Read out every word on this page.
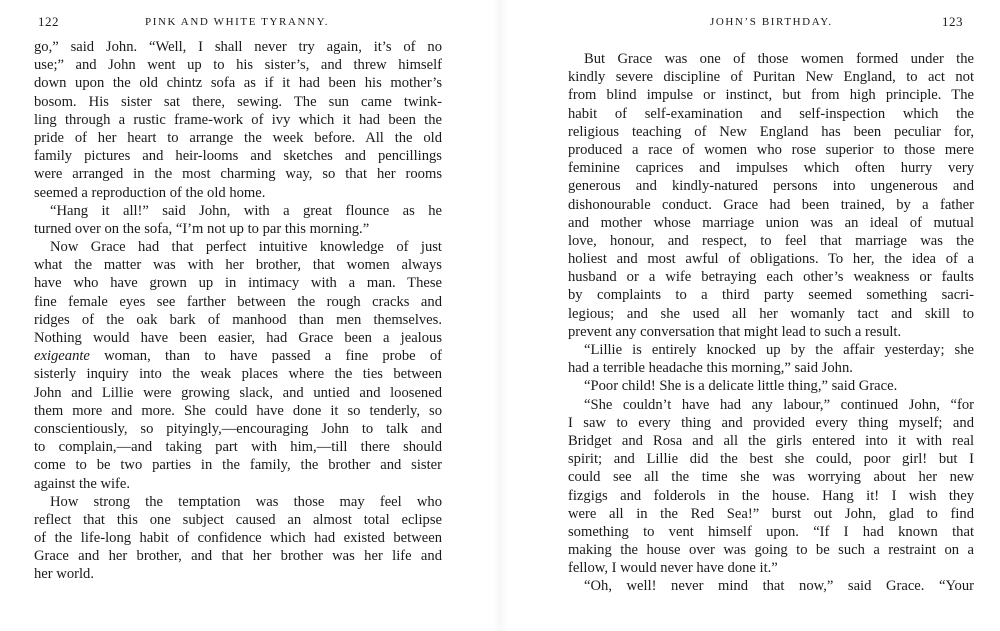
122	PINK AND WHITE TYRANNY.
go,” said John. “Well, I shall never try again, it’s of no
use;” and John went up to his sister’s, and threw himself
down upon the old chintz sofa as if it had been his mother’s
bosom. His sister sat there, sewing. The sun came twink-
ling through a rustic frame-work of ivy which it had been the
pride of her heart to arrange the week before. All the old
family pictures and heir-looms and sketches and pencillings
were arranged in the most charming way, so that her rooms
seemed a reproduction of the old home.
“Hang it all!” said John, with a great flounce as he
turned over on the sofa, “I’m not up to par this morning.”
Now Grace had that perfect intuitive knowledge of just
what the matter was with her brother, that women always
have who have grown up in intimacy with a man. These
fine female eyes see farther between the rough cracks and
ridges of the oak bark of manhood than men themselves.
Nothing would have been easier, had Grace been a jealous
exigeante woman, than to have passed a fine probe of
sisterly inquiry into the weak places where the ties between
John and Lillie were growing slack, and untied and loosened
them more and more. She could have done it so tenderly, so
conscientiously, so pityingly,—encouraging John to talk and
to complain,—and taking part with him,—till there should
come to be two parties in the family, the brother and sister
against the wife.
How strong the temptation was those may feel who
reflect that this one subject caused an almost total eclipse
of the life-long habit of confidence which had existed between
Grace and her brother, and that her brother was her life and
her world.
JOHN’S BIRTHDAY.	123
But Grace was one of those women formed under the
kindly severe discipline of Puritan New England, to act not
from blind impulse or instinct, but from high principle. The
habit of self-examination and self-inspection which the
religious teaching of New England has been peculiar for,
produced a race of women who rose superior to those mere
feminine caprices and impulses which often hurry very
generous and kindly-natured persons into ungenerous and
dishonourable conduct. Grace had been trained, by a father
and mother whose marriage union was an ideal of mutual
love, honour, and respect, to feel that marriage was the
holiest and most awful of obligations. To her, the idea of a
husband or a wife betraying each other’s weakness or faults
by complaints to a third party seemed something sacri-
legious; and she used all her womanly tact and skill to
prevent any conversation that might lead to such a result.
“Lillie is entirely knocked up by the affair yesterday; she
had a terrible headache this morning,” said John.
“Poor child! She is a delicate little thing,” said Grace.
“She couldn’t have had any labour,” continued John, “for
I saw to every thing and provided every thing myself; and
Bridget and Rosa and all the girls entered into it with real
spirit; and Lillie did the best she could, poor girl! but I
could see all the time she was worrying about her new
fizgigs and folderols in the house. Hang it! I wish they
were all in the Red Sea!” burst out John, glad to find
something to vent himself upon. “If I had known that
making the house over was going to be such a restraint on a
fellow, I would never have done it.”
“Oh, well! never mind that now,” said Grace. “Your
